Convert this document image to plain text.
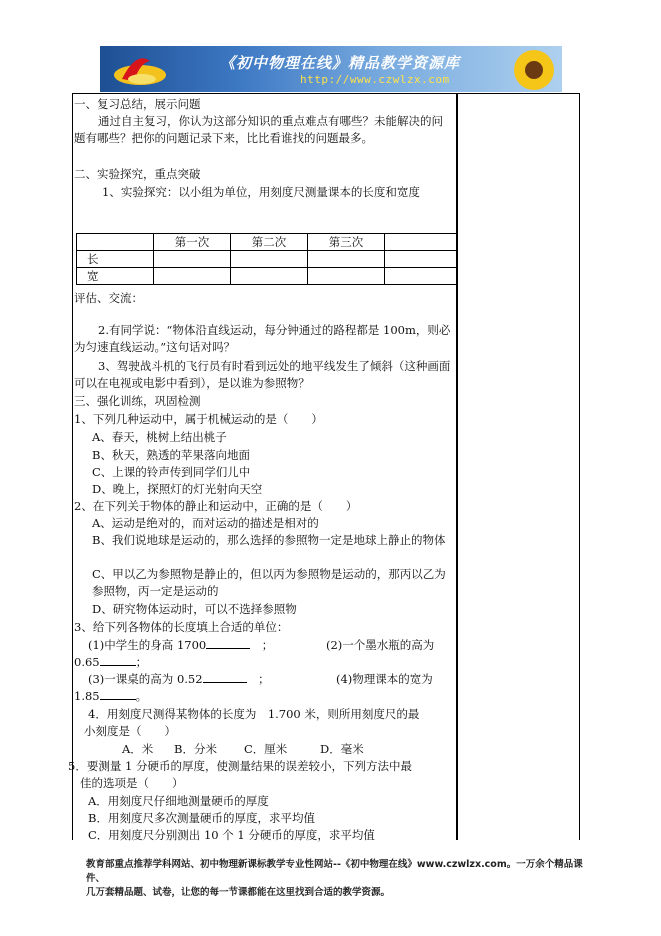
《初中物理在线》精品教学资源库
http://www.czwlzx.com
一、复习总结，展示问题
通过自主复习，你认为这部分知识的重点难点有哪些？未能解决的问题有哪些？把你的问题记录下来，比比看谁找的问题最多。
二、实验探究，重点突破
1、实验探究：以小组为单位，用刻度尺测量课本的长度和宽度
评估、交流：
2.有同学说：“物体沿直线运动，每分钟通过的路程都是 100m，则必为匀速直线运动。”这句话对吗？
3、驾驶战斗机的飞行员有时看到远处的地平线发生了倾斜（这种画面可以在电视或电影中看到），是以谁为参照物？
三、强化训练，巩固检测
1、下列几种运动中，属于机械运动的是（　　）
A、春天，桃树上结出桃子
B、秋天，熟透的苹果落向地面
C、上课的铃声传到同学们儿中
D、晚上，探照灯的灯光射向天空
2、在下列关于物体的静止和运动中，正确的是（　　）
A、运动是绝对的，而对运动的描述是相对的
B、我们说地球是运动的，那么选择的参照物一定是地球上静止的物体
C、甲以乙为参照物是静止的，但以丙为参照物是运动的，那丙以乙为参照物，丙一定是运动的
D、研究物体运动时，可以不选择参照物
3、给下列各物体的长度填上合适的单位：
(1)中学生的身高 1700　	；	(2)一个墨水瓶的高为
0.65	；
(3)一课桌的高为 0.52　	；	(4)物理课本的宽为
1.85	。
4．用刻度尺测得某物体的长度为　1.700 米，则所用刻度尺的最
小刻度是（　　）
A．米 B．分米 C．厘米	D．毫米
5．要测量 1 分硬币的厚度，使测量结果的误差较小，下列方法中最
佳的选项是（　　）
A．用刻度尺仔细地测量硬币的厚度
B．用刻度尺多次测量硬币的厚度，求平均值
C．用刻度尺分别测出 10 个 1 分硬币的厚度，求平均值
	第一次	第二次	第三次	
长				
宽				
教育部重点推荐学科网站、初中物理新课标教学专业性网站--《初中物理在线》www.czwlzx.com。一万余个精品课件、
几万套精品题、试卷，让您的每一节课都能在这里找到合适的教学资源。
